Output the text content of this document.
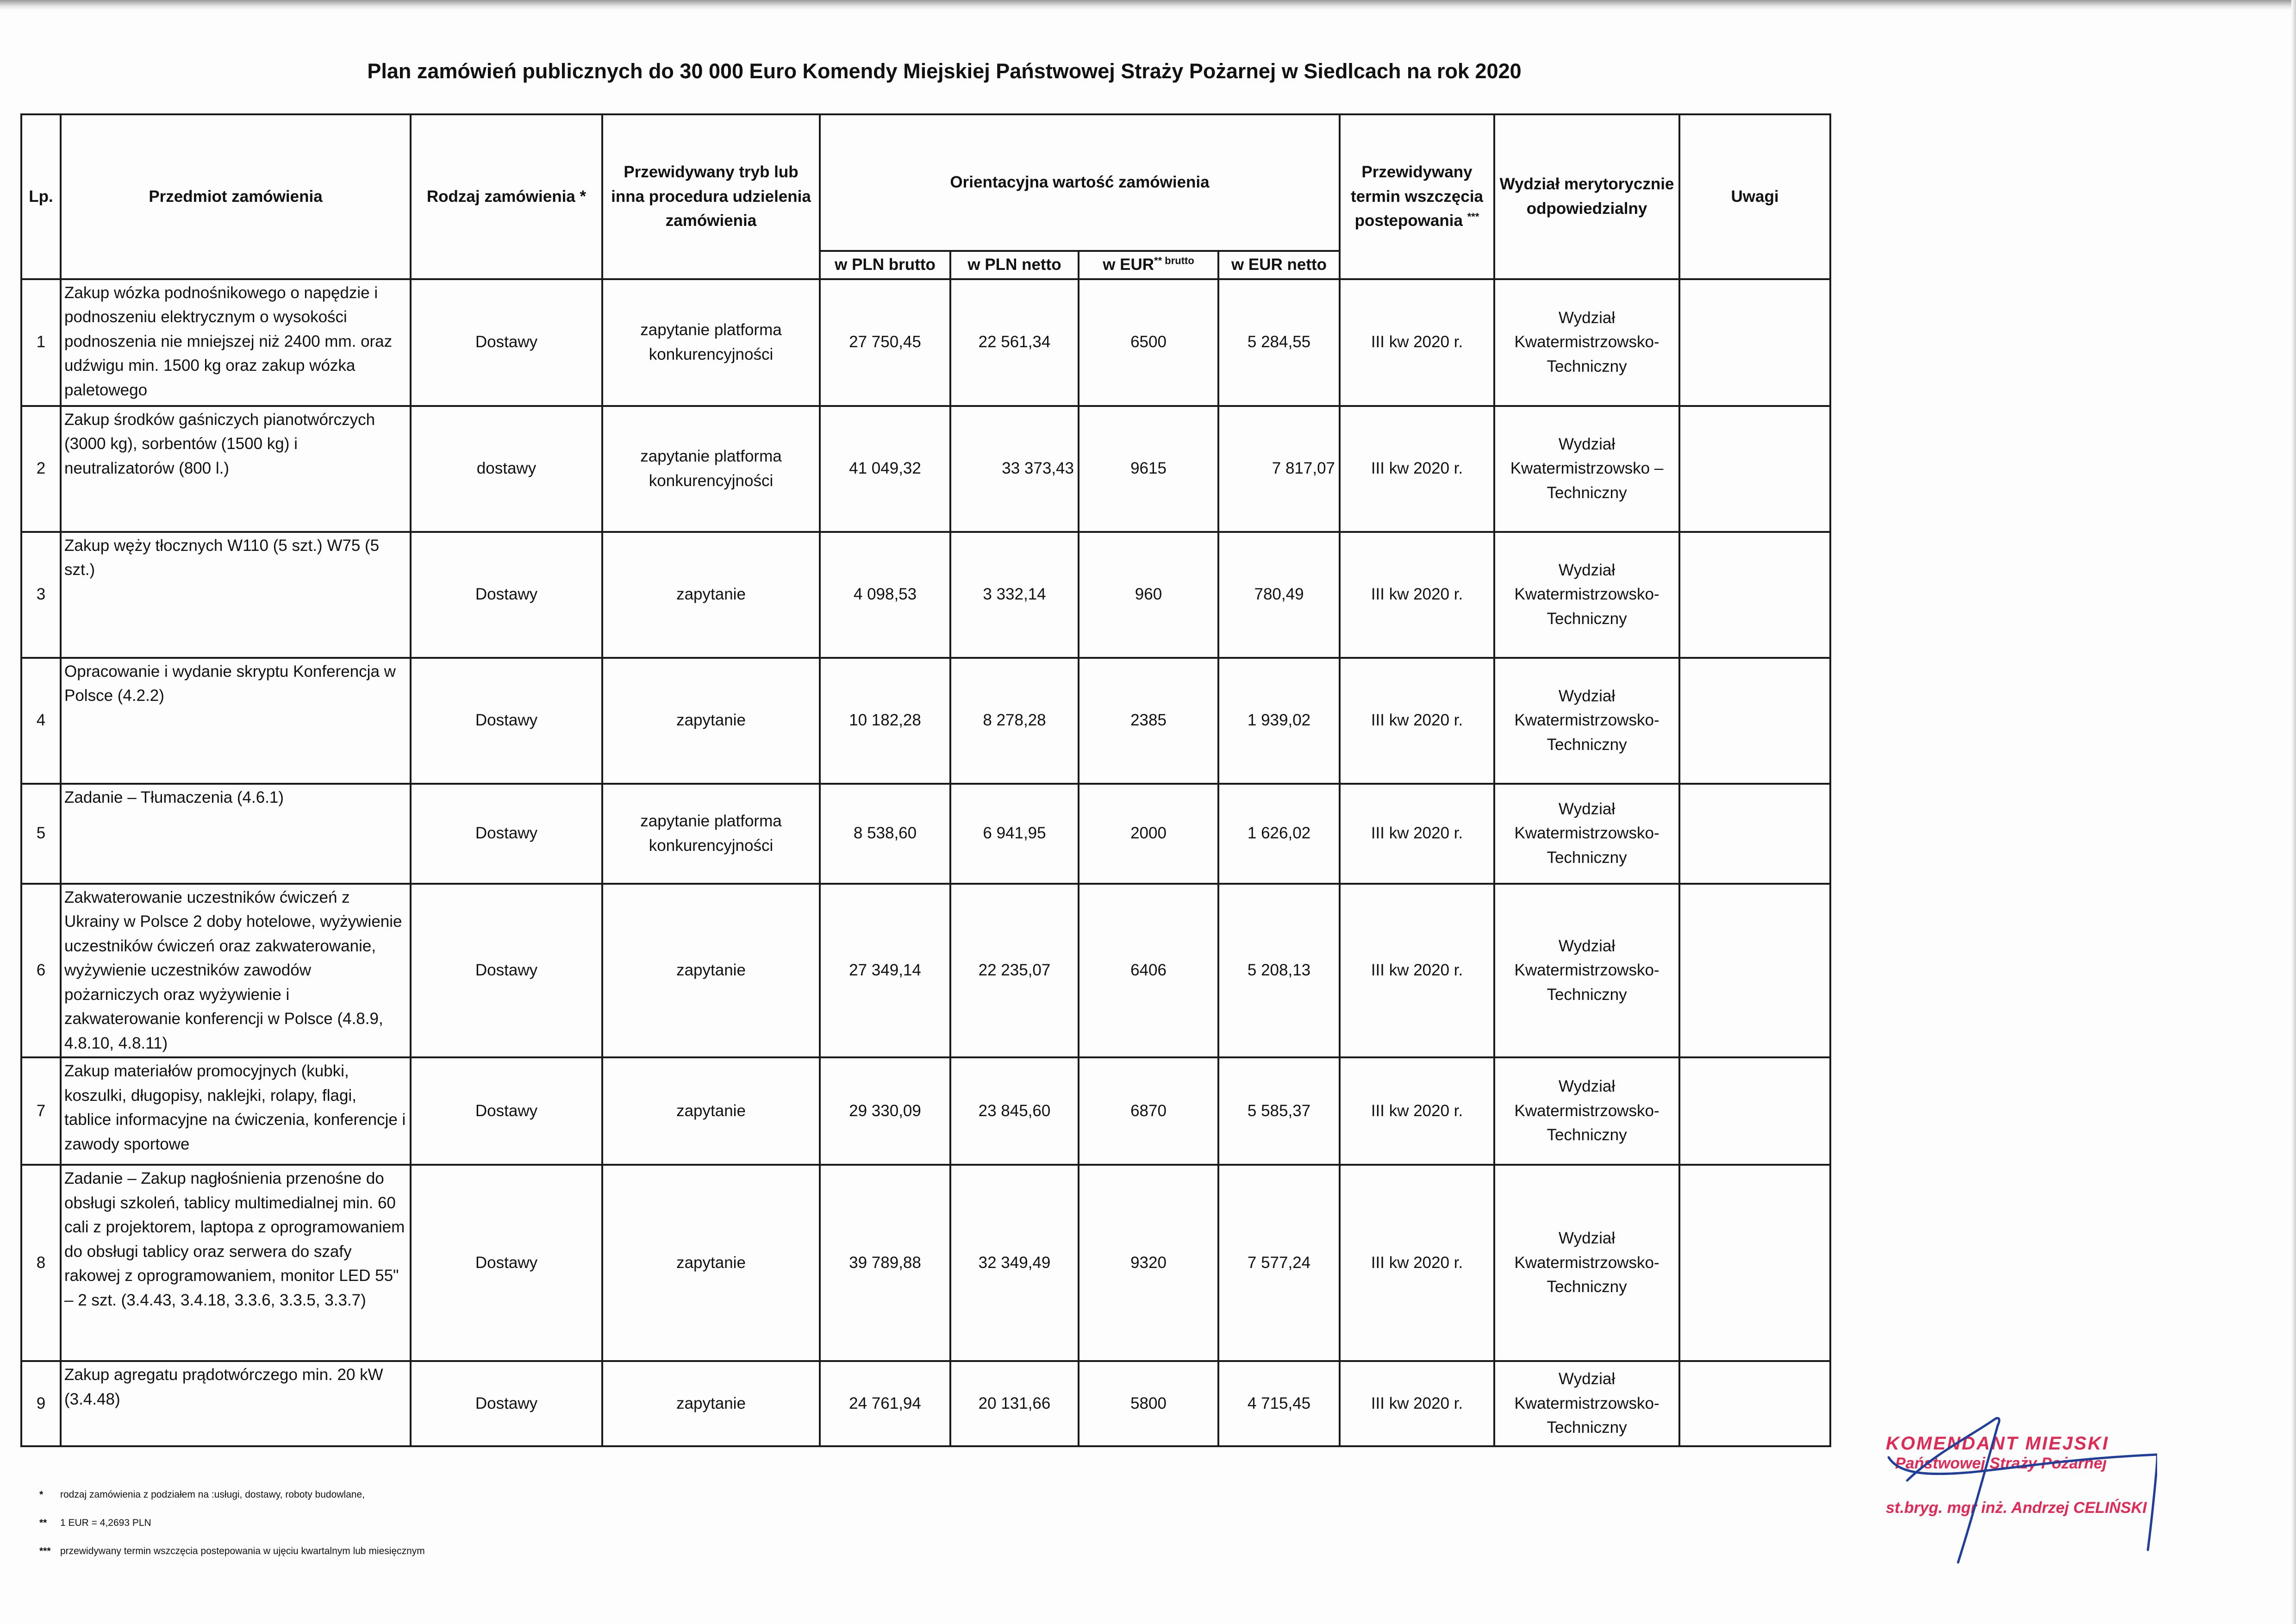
Plan zamówień publicznych do 30 000 Euro Komendy Miejskiej Państwowej Straży Pożarnej w Siedlcach na rok 2020
Lp.	Przedmiot zamówienia	Rodzaj zamówienia *	Przewidywany tryb lub inna procedura udzielenia zamówienia	Orientacyjna wartość zamówienia				Przewidywany termin wszczęcia postepowania ***	Wydział merytorycznie odpowiedzialny	Uwagi
				w PLN brutto	w PLN netto	w $EUR^{** brutto}$	w EUR netto			
1	Zakup wózka podnośnikowego o napędzie i podnoszeniu elektrycznym o wysokości podnoszenia nie mniejszej niż 2400 mm. oraz udźwigu min. 1500 kg oraz zakup wózka paletowego	Dostawy	zapytanie platforma konkurencyjności	27 750,45	22 561,34	6500	5 284,55	III kw 2020 r.	Wydział Kwatermistrzowsko-Techniczny	
2	Zakup środków gaśniczych pianotwórczych (3000 kg), sorbentów (1500 kg) i neutralizatorów (800 l.)	dostawy	zapytanie platforma konkurencyjności	41 049,32	33 373,43	9615	7 817,07	III kw 2020 r.	Wydział Kwatermistrzowsko – Techniczny	
3	Zakup węży tłocznych W110 (5 szt.) W75 (5 szt.)	Dostawy	zapytanie	4 098,53	3 332,14	960	780,49	III kw 2020 r.	Wydział Kwatermistrzowsko-Techniczny	
4	Opracowanie i wydanie skryptu Konferencja w Polsce (4.2.2)	Dostawy	zapytanie	10 182,28	8 278,28	2385	1 939,02	III kw 2020 r.	Wydział Kwatermistrzowsko-Techniczny	
5	Zadanie – Tłumaczenia (4.6.1)	Dostawy	zapytanie platforma konkurencyjności	8 538,60	6 941,95	2000	1 626,02	III kw 2020 r.	Wydział Kwatermistrzowsko-Techniczny	
6	Zakwaterowanie uczestników ćwiczeń z Ukrainy w Polsce 2 doby hotelowe, wyżywienie uczestników ćwiczeń oraz zakwaterowanie, wyżywienie uczestników zawodów pożarniczych oraz wyżywienie i zakwaterowanie konferencji w Polsce (4.8.9, 4.8.10, 4.8.11)	Dostawy	zapytanie	27 349,14	22 235,07	6406	5 208,13	III kw 2020 r.	Wydział Kwatermistrzowsko-Techniczny	
7	Zakup materiałów promocyjnych (kubki, koszulki, długopisy, naklejki, rolapy, flagi, tablice informacyjne na ćwiczenia, konferencje i zawody sportowe	Dostawy	zapytanie	29 330,09	23 845,60	6870	5 585,37	III kw 2020 r.	Wydział Kwatermistrzowsko-Techniczny	
8	Zadanie – Zakup nagłośnienia przenośne do obsługi szkoleń, tablicy multimedialnej min. 60 cali z projektorem, laptopa z oprogramowaniem do obsługi tablicy oraz serwera do szafy rakowej z oprogramowaniem, monitor LED 55" – 2 szt. (3.4.43, 3.4.18, 3.3.6, 3.3.5, 3.3.7)	Dostawy	zapytanie	39 789,88	32 349,49	9320	7 577,24	III kw 2020 r.	Wydział Kwatermistrzowsko-Techniczny	
9	Zakup agregatu prądotwórczego min. 20 kW (3.4.48)	Dostawy	zapytanie	24 761,94	20 131,66	5800	4 715,45	III kw 2020 r.	Wydział Kwatermistrzowsko-Techniczny	
* rodzaj zamówienia z podziałem na :usługi, dostawy, roboty budowlane,
** 1 EUR = 4,2693 PLN
*** przewidywany termin wszczęcia postepowania w ujęciu kwartalnym lub miesięcznym
KOMENDANT MIEJSKI
Państwowej Straży Pożarnej
st.bryg. mgr inż. Andrzej CELIŃSKI
